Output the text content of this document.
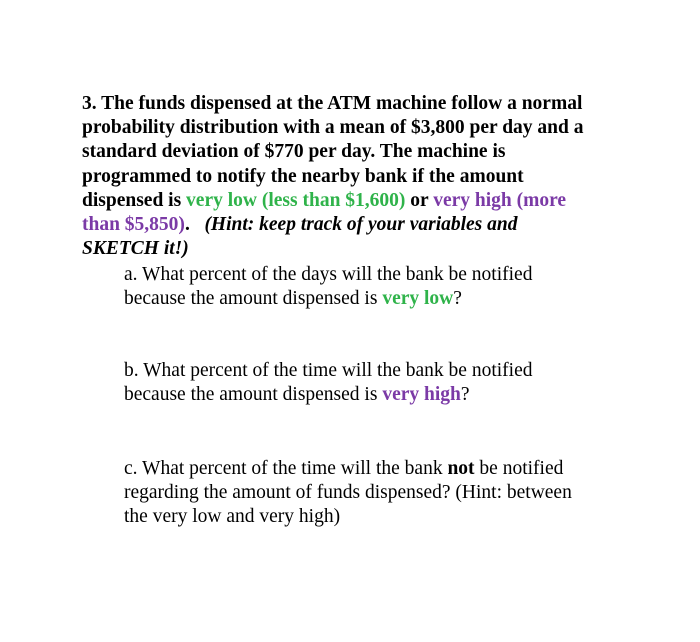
3. The funds dispensed at the ATM machine follow a normal
probability distribution with a mean of $3,800 per day and a
standard deviation of $770 per day. The machine is
programmed to notify the nearby bank if the amount
dispensed is very low (less than $1,600) or very high (more
than $5,850). (Hint: keep track of your variables and
SKETCH it!)
a. What percent of the days will the bank be notified
because the amount dispensed is very low?
b. What percent of the time will the bank be notified
because the amount dispensed is very high?
c. What percent of the time will the bank not be notified
regarding the amount of funds dispensed? (Hint: between
the very low and very high)
